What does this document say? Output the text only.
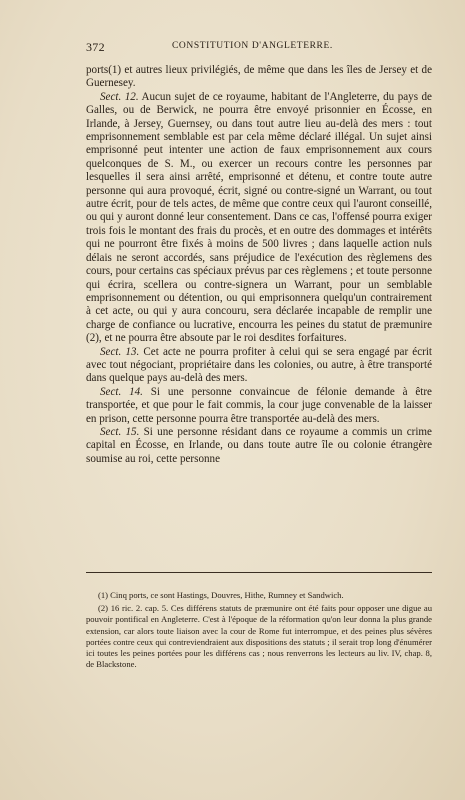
372	CONSTITUTION D'ANGLETERRE.

ports(1) et autres lieux privilégiés, de même que dans les îles de Jersey et de Guernesey.

Sect. 12. Aucun sujet de ce royaume, habitant de l'Angleterre, du pays de Galles, ou de Berwick, ne pourra être envoyé prisonnier en Écosse, en Irlande, à Jersey, Guernsey, ou dans tout autre lieu au-delà des mers : tout emprisonnement semblable est par cela même déclaré illégal. Un sujet ainsi emprisonné peut intenter une action de faux emprisonnement aux cours quelconques de S. M., ou exercer un recours contre les personnes par lesquelles il sera ainsi arrêté, emprisonné et détenu, et contre toute autre personne qui aura provoqué, écrit, signé ou contre-signé un Warrant, ou tout autre écrit, pour de tels actes, de même que contre ceux qui l'auront conseillé, ou qui y auront donné leur consentement. Dans ce cas, l'offensé pourra exiger trois fois le montant des frais du procès, et en outre des dommages et intérêts qui ne pourront être fixés à moins de 500 livres ; dans laquelle action nuls délais ne seront accordés, sans préjudice de l'exécution des règlemens des cours, pour certains cas spéciaux prévus par ces règlemens ; et toute personne qui écrira, scellera ou contre-signera un Warrant, pour un semblable emprisonnement ou détention, ou qui emprisonnera quelqu'un contrairement à cet acte, ou qui y aura concouru, sera déclarée incapable de remplir une charge de confiance ou lucrative, encourra les peines du statut de præmunire (2), et ne pourra être absoute par le roi desdites forfaitures.

Sect. 13. Cet acte ne pourra profiter à celui qui se sera engagé par écrit avec tout négociant, propriétaire dans les colonies, ou autre, à être transporté dans quelque pays au-delà des mers.

Sect. 14. Si une personne convaincue de félonie demande à être transportée, et que pour le fait commis, la cour juge convenable de la laisser en prison, cette personne pourra être transportée au-delà des mers.

Sect. 15. Si une personne résidant dans ce royaume a commis un crime capital en Écosse, en Irlande, ou dans toute autre île ou colonie étrangère soumise au roi, cette personne

(1) Cinq ports, ce sont Hastings, Douvres, Hithe, Rumney et Sandwich.

(2) 16 ric. 2. cap. 5. Ces différens statuts de præmunire ont été faits pour opposer une digue au pouvoir pontifical en Angleterre. C'est à l'époque de la réformation qu'on leur donna la plus grande extension, car alors toute liaison avec la cour de Rome fut interrompue, et des peines plus sévères portées contre ceux qui contreviendraient aux dispositions des statuts ; il serait trop long d'énumérer ici toutes les peines portées pour les différens cas ; nous renverrons les lecteurs au liv. IV, chap. 8, de Blackstone.
